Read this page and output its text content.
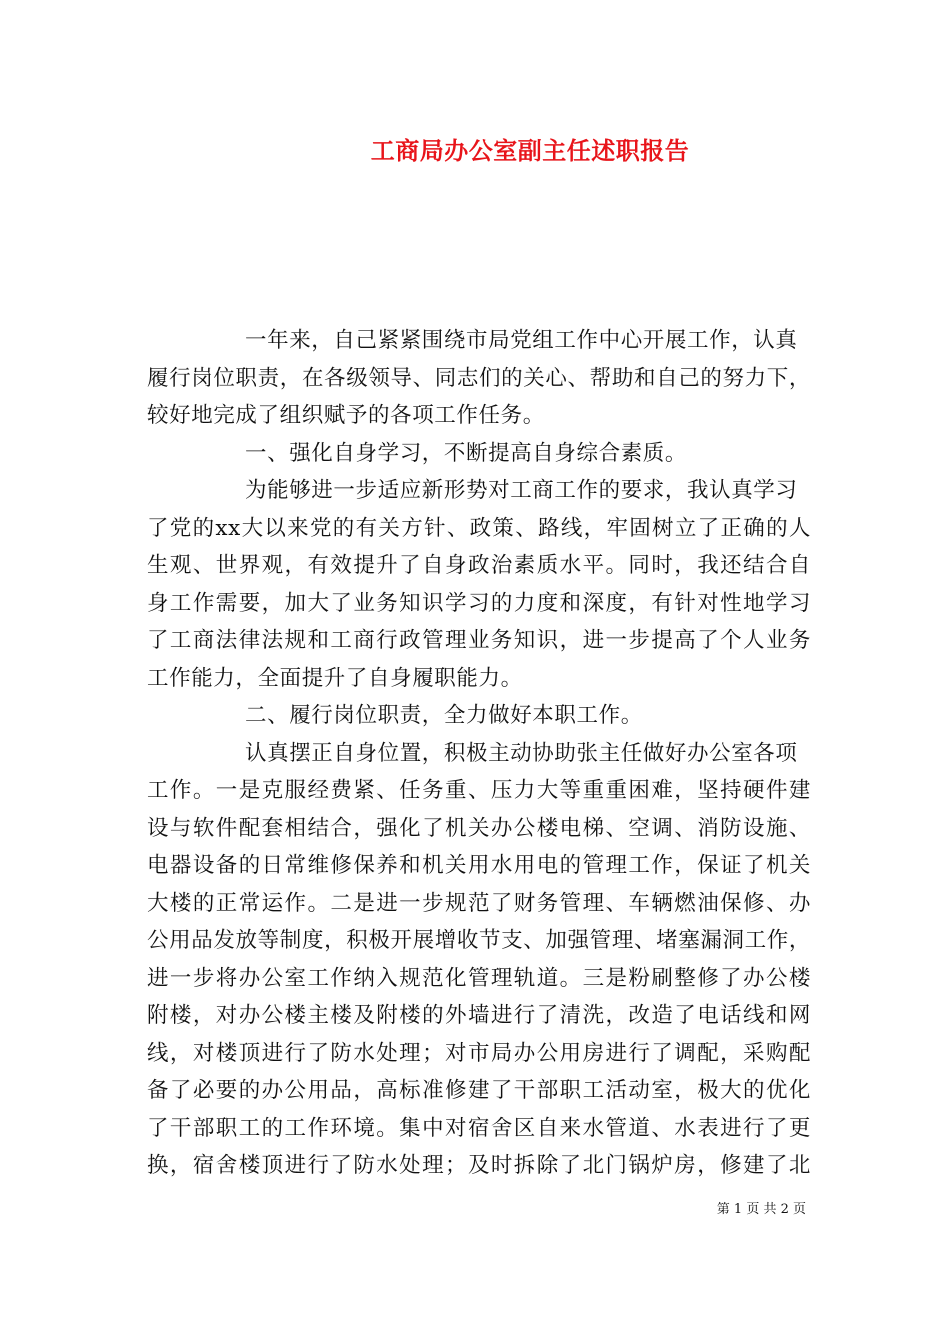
工商局办公室副主任述职报告
一年来，自己紧紧围绕市局党组工作中心开展工作，认真
履行岗位职责，在各级领导、同志们的关心、帮助和自己的努力下，
较好地完成了组织赋予的各项工作任务。
一、强化自身学习，不断提高自身综合素质。
为能够进一步适应新形势对工商工作的要求，我认真学习
了党的xx大以来党的有关方针、政策、路线，牢固树立了正确的人
生观、世界观，有效提升了自身政治素质水平。同时，我还结合自
身工作需要，加大了业务知识学习的力度和深度，有针对性地学习
了工商法律法规和工商行政管理业务知识，进一步提高了个人业务
工作能力，全面提升了自身履职能力。
二、履行岗位职责，全力做好本职工作。
认真摆正自身位置，积极主动协助张主任做好办公室各项
工作。一是克服经费紧、任务重、压力大等重重困难，坚持硬件建
设与软件配套相结合，强化了机关办公楼电梯、空调、消防设施、
电器设备的日常维修保养和机关用水用电的管理工作，保证了机关
大楼的正常运作。二是进一步规范了财务管理、车辆燃油保修、办
公用品发放等制度，积极开展增收节支、加强管理、堵塞漏洞工作，
进一步将办公室工作纳入规范化管理轨道。三是粉刷整修了办公楼
附楼，对办公楼主楼及附楼的外墙进行了清洗，改造了电话线和网
线，对楼顶进行了防水处理；对市局办公用房进行了调配，采购配
备了必要的办公用品，高标准修建了干部职工活动室，极大的优化
了干部职工的工作环境。集中对宿舍区自来水管道、水表进行了更
换，宿舍楼顶进行了防水处理；及时拆除了北门锅炉房，修建了北
第 1 页 共 2 页
